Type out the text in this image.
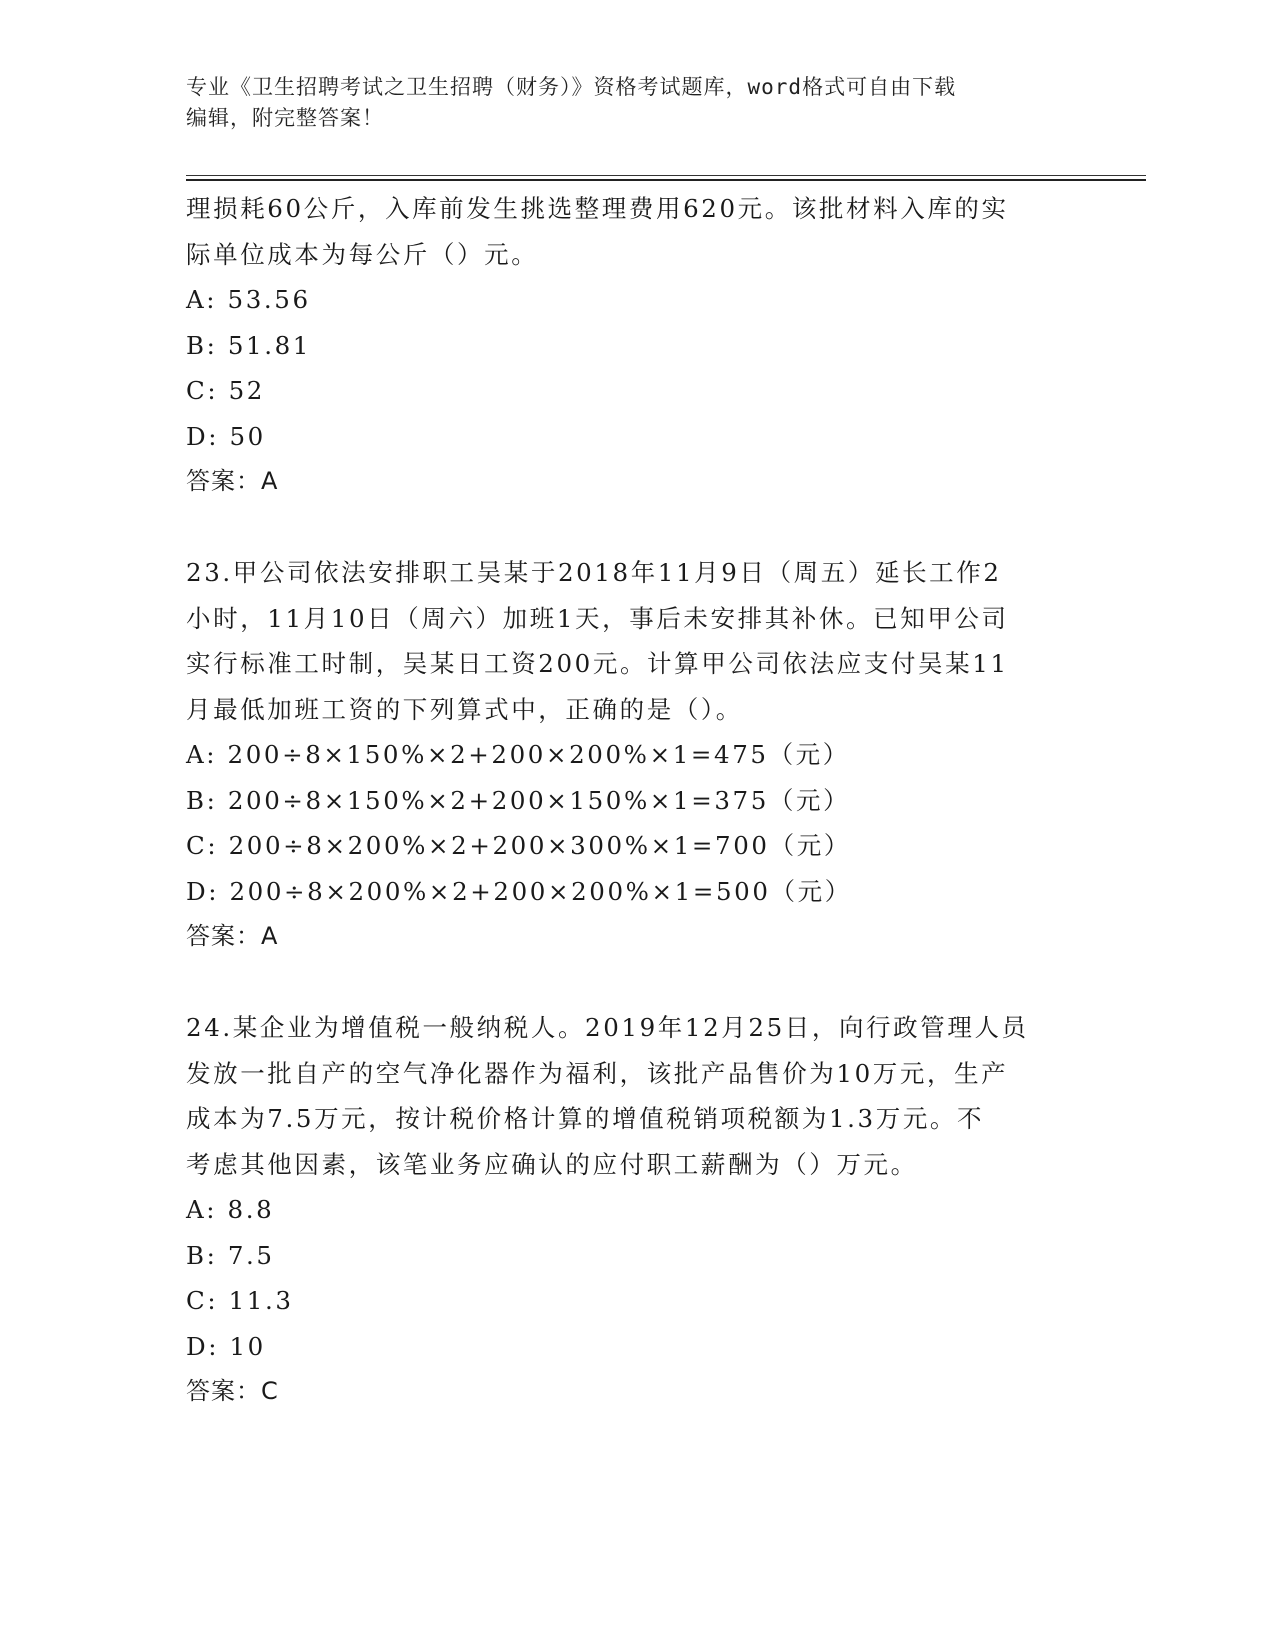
专业《卫生招聘考试之卫生招聘（财务）》资格考试题库，word格式可自由下载
编辑，附完整答案！

理损耗60公斤，入库前发生挑选整理费用620元。该批材料入库的实

际单位成本为每公斤（）元。

A: 53.56

B: 51.81

C: 52

D: 50

答案：A

23.甲公司依法安排职工吴某于2018年11月9日（周五）延长工作2

小时，11月10日（周六）加班1天，事后未安排其补休。已知甲公司

实行标准工时制，吴某日工资200元。计算甲公司依法应支付吴某11

月最低加班工资的下列算式中，正确的是（）。

A: 200÷8×150%×2+200×200%×1=475（元）

B: 200÷8×150%×2+200×150%×1=375（元）

C: 200÷8×200%×2+200×300%×1=700（元）

D: 200÷8×200%×2+200×200%×1=500（元）

答案：A

24.某企业为增值税一般纳税人。2019年12月25日，向行政管理人员

发放一批自产的空气净化器作为福利，该批产品售价为10万元，生产

成本为7.5万元，按计税价格计算的增值税销项税额为1.3万元。不

考虑其他因素，该笔业务应确认的应付职工薪酬为（）万元。

A: 8.8

B: 7.5

C: 11.3

D: 10

答案：C
